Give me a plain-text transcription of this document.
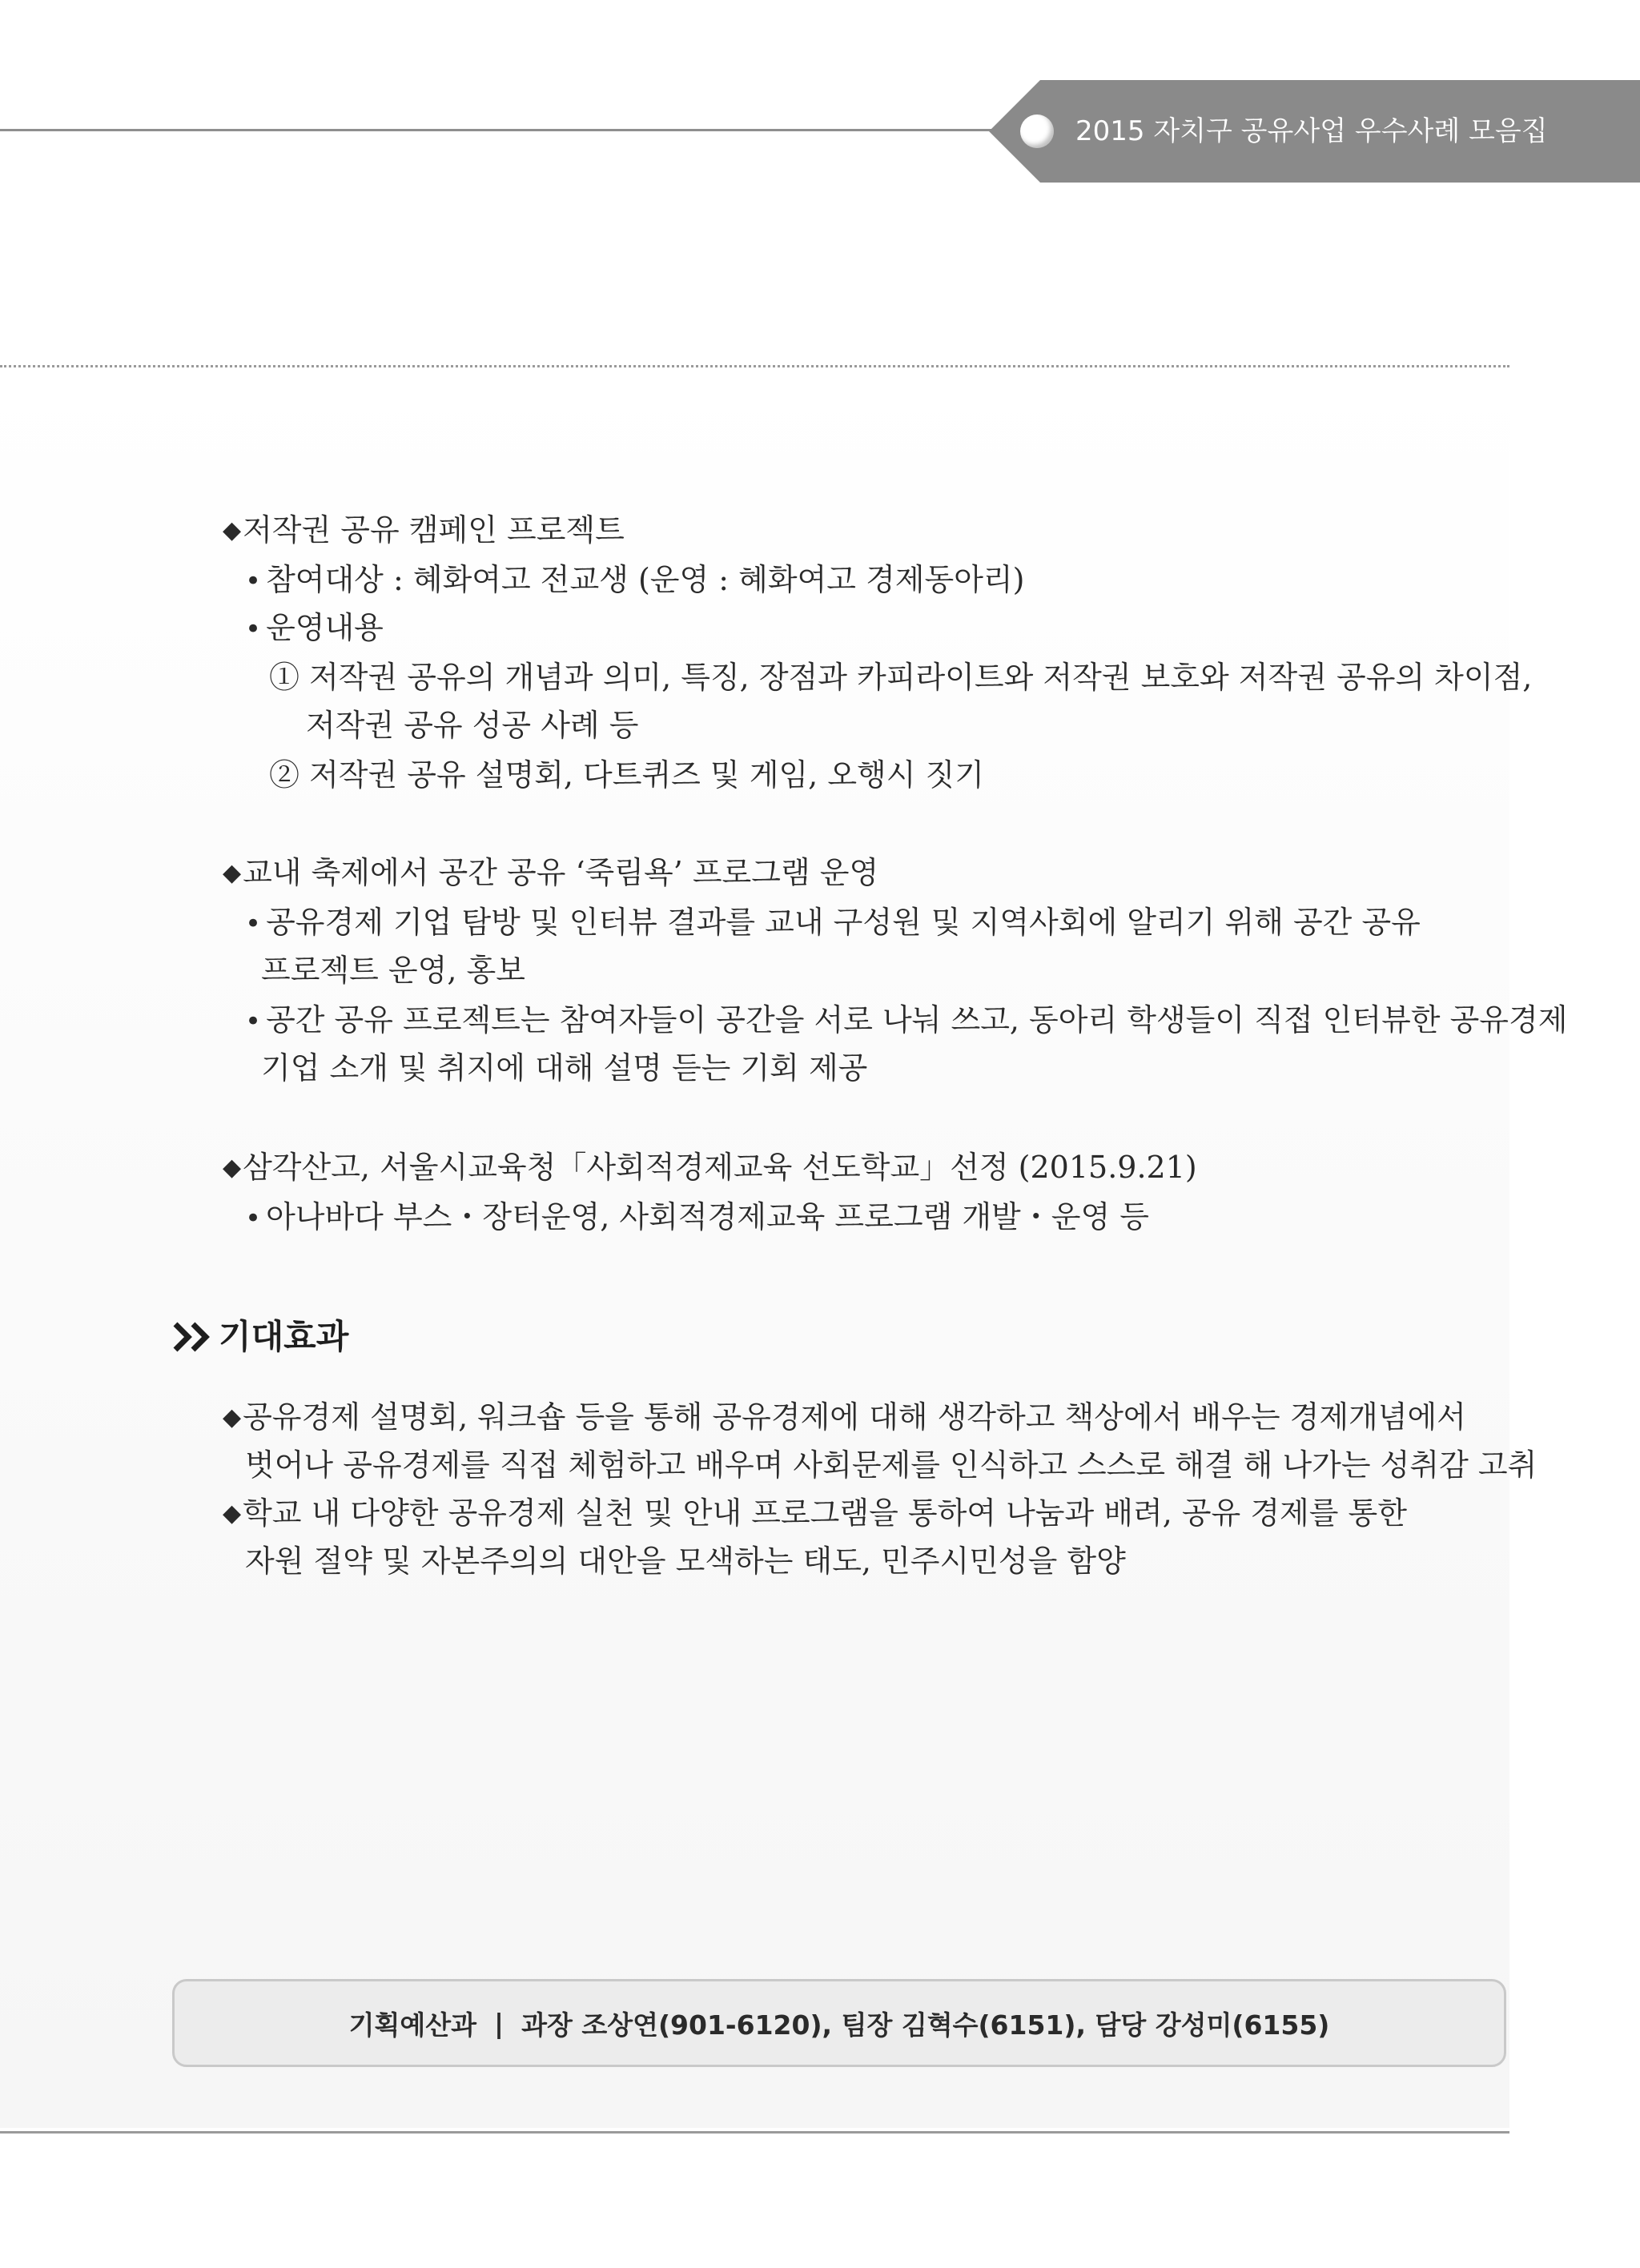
2015 자치구 공유사업 우수사례 모음집
◆저작권 공유 캠페인 프로젝트
• 참여대상 : 혜화여고 전교생 (운영 : 혜화여고 경제동아리)
• 운영내용
① 저작권 공유의 개념과 의미, 특징, 장점과 카피라이트와 저작권 보호와 저작권 공유의 차이점,
저작권 공유 성공 사례 등
② 저작권 공유 설명회, 다트퀴즈 및 게임, 오행시 짓기
◆교내 축제에서 공간 공유 ‘죽림욕’ 프로그램 운영
• 공유경제 기업 탐방 및 인터뷰 결과를 교내 구성원 및 지역사회에 알리기 위해 공간 공유
프로젝트 운영, 홍보
• 공간 공유 프로젝트는 참여자들이 공간을 서로 나눠 쓰고, 동아리 학생들이 직접 인터뷰한 공유경제
기업 소개 및 취지에 대해 설명 듣는 기회 제공
◆삼각산고, 서울시교육청「사회적경제교육 선도학교」선정 (2015.9.21)
• 아나바다 부스・장터운영, 사회적경제교육 프로그램 개발・운영 등
기대효과
◆공유경제 설명회, 워크숍 등을 통해 공유경제에 대해 생각하고 책상에서 배우는 경제개념에서
벗어나 공유경제를 직접 체험하고 배우며 사회문제를 인식하고 스스로 해결 해 나가는 성취감 고취
◆학교 내 다양한 공유경제 실천 및 안내 프로그램을 통하여 나눔과 배려, 공유 경제를 통한
자원 절약 및 자본주의의 대안을 모색하는 태도, 민주시민성을 함양
기획예산과 | 과장 조상연(901-6120), 팀장 김혁수(6151), 담당 강성미(6155)
